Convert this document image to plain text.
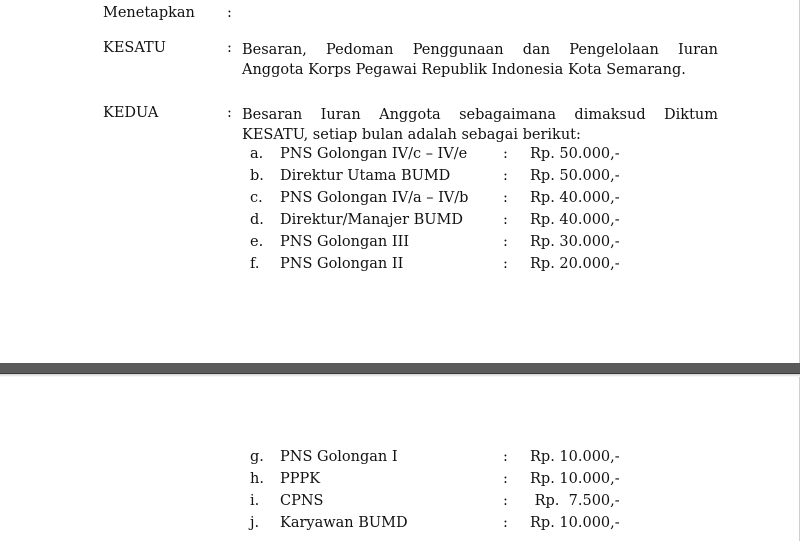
Menetapkan :
KESATU	: Besaran, Pedoman Penggunaan dan Pengelolaan Iuran
Anggota Korps Pegawai Republik Indonesia Kota Semarang.
KEDUA	: Besaran Iuran Anggota sebagaimana dimaksud Diktum
KESATU, setiap bulan adalah sebagai berikut:
a. PNS Golongan IV/c – IV/e : Rp. 50.000,-
b. Direktur Utama BUMD	: Rp. 50.000,-
c. PNS Golongan IV/a – IV/b : Rp. 40.000,-
d. Direktur/Manajer BUMD	: Rp. 40.000,-
e. PNS Golongan III	: Rp. 30.000,-
f. PNS Golongan II	: Rp. 20.000,-
g. PNS Golongan I	: Rp. 10.000,-
h. PPPK	: Rp. 10.000,-
i. CPNS	: Rp.  7.500,-
j. Karyawan BUMD	: Rp. 10.000,-
